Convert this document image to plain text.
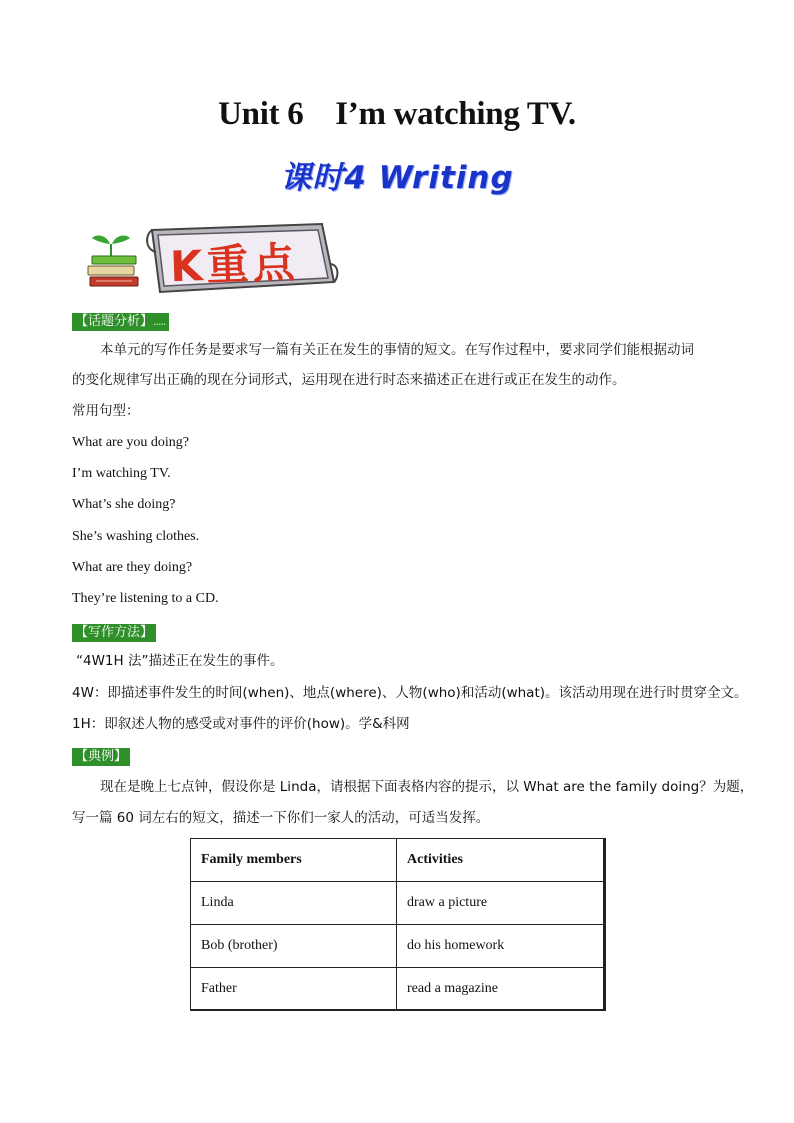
Unit 6    I’m watching TV.
课时4 Writing
K重点
【话题分析】.....
本单元的写作任务是要求写一篇有关正在发生的事情的短文。在写作过程中，要求同学们能根据动词
的变化规律写出正确的现在分词形式，运用现在进行时态来描述正在进行或正在发生的动作。
常用句型：
What are you doing?
I’m watching TV.
What’s she doing?
She’s washing clothes.
What are they doing?
They’re listening to a CD.
【写作方法】
“4W1H 法”描述正在发生的事件。
4W：即描述事件发生的时间(when)、地点(where)、人物(who)和活动(what)。该活动用现在进行时贯穿全文。
1H：即叙述人物的感受或对事件的评价(how)。学&科网
【典例】
现在是晚上七点钟，假设你是 Linda，请根据下面表格内容的提示，以 What are the family doing？为题，
写一篇 60 词左右的短文，描述一下你们一家人的活动，可适当发挥。
Family members	Activities
Linda	draw a picture
Bob (brother)	do his homework
Father	read a magazine
